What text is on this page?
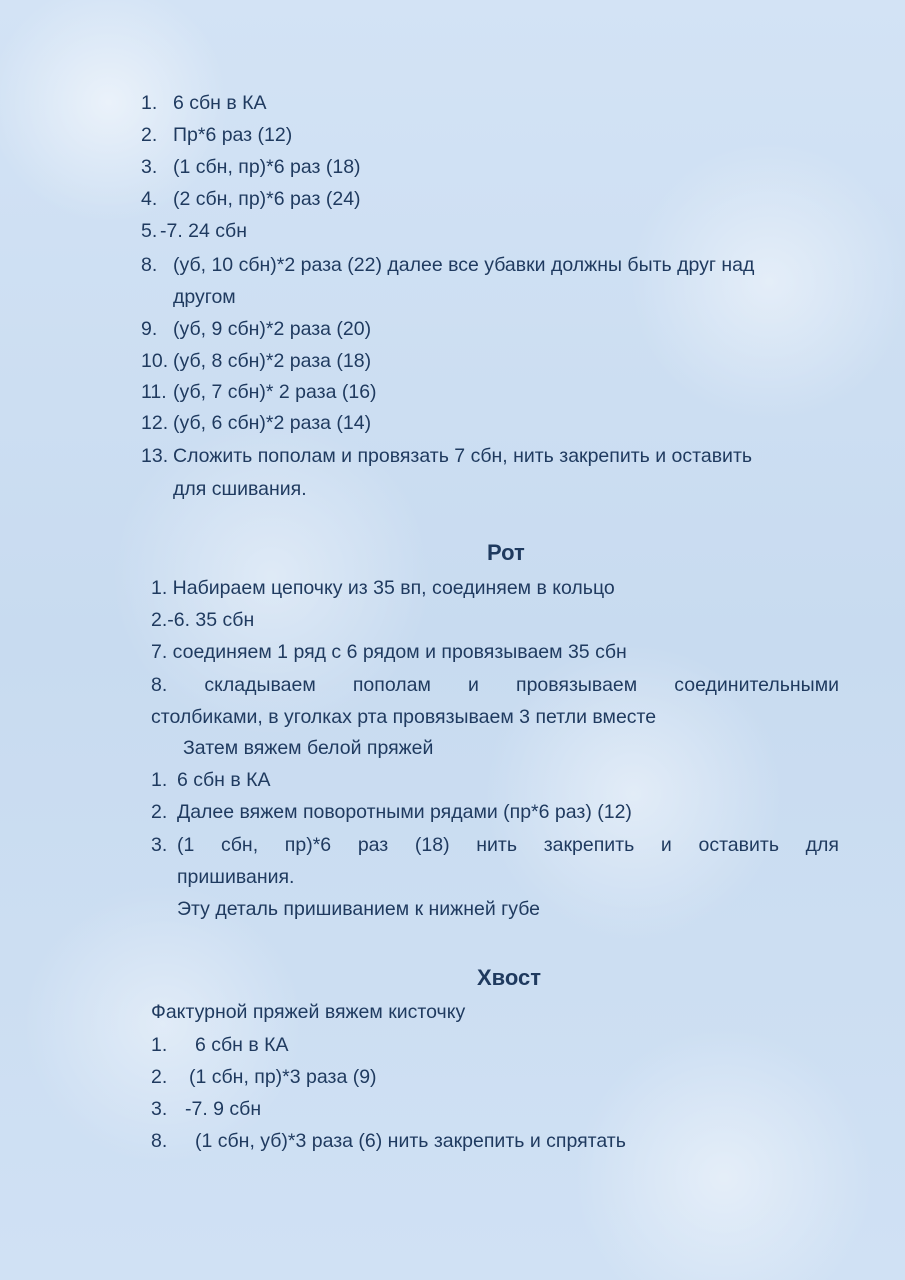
1. 6 сбн в КА
2. Пр*6 раз (12)
3. (1 сбн, пр)*6 раз (18)
4. (2 сбн, пр)*6 раз (24)
5. -7. 24 сбн
8. (уб, 10 сбн)*2 раза (22) далее все убавки должны быть друг над
другом
9. (уб, 9 сбн)*2 раза (20)
10. (уб, 8 сбн)*2 раза (18)
11. (уб, 7 сбн)* 2 раза (16)
12. (уб, 6 сбн)*2 раза (14)
13. Сложить пополам и провязать 7 сбн, нить закрепить и оставить
для сшивания.
Рот
1. Набираем цепочку из 35 вп, соединяем в кольцо
2.-6. 35 сбн
7. соединяем 1 ряд с 6 рядом и провязываем 35 сбн
8. складываем пополам и провязываем соединительными
столбиками, в уголках рта провязываем 3 петли вместе
Затем вяжем белой пряжей
1. 6 сбн в КА
2. Далее вяжем поворотными рядами (пр*6 раз) (12)
3. (1 сбн, пр)*6 раз (18) нить закрепить и оставить для
пришивания.
Эту деталь пришиванием к нижней губе
Хвост
Фактурной пряжей вяжем кисточку
1. 6 сбн в КА
2. (1 сбн, пр)*3 раза (9)
3. -7. 9 сбн
8. (1 сбн, уб)*3 раза (6) нить закрепить и спрятать
